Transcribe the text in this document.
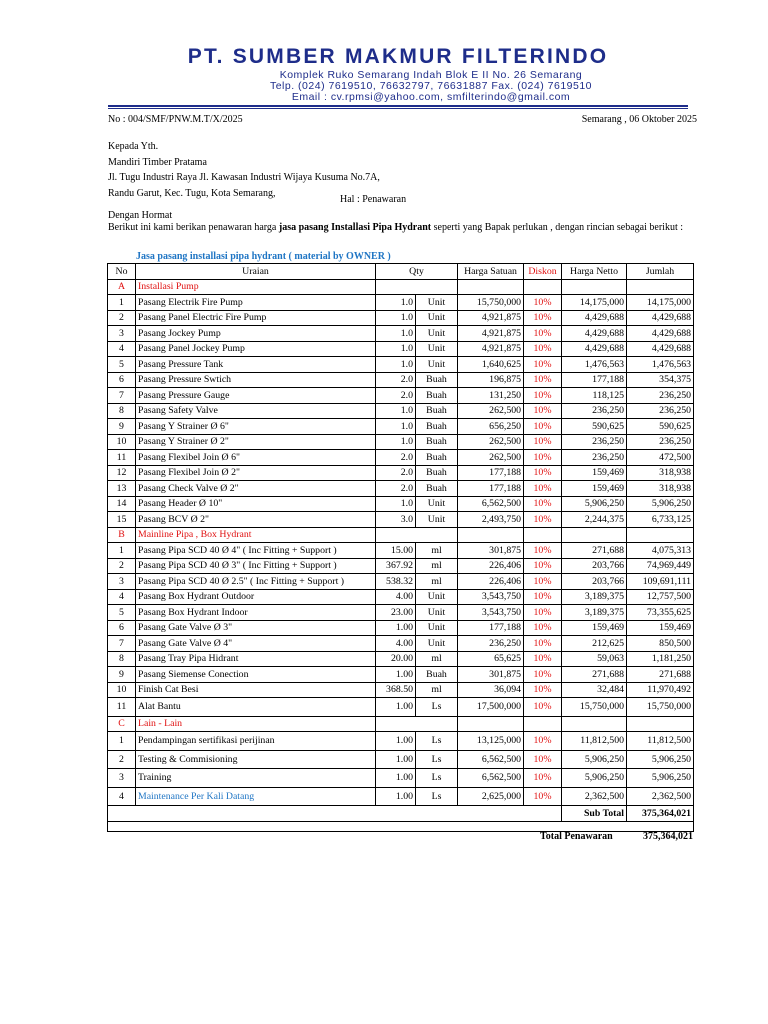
PT. SUMBER MAKMUR FILTERINDO
Komplek Ruko Semarang Indah Blok E II No. 26 Semarang
Telp. (024) 7619510, 76632797, 76631887 Fax. (024) 7619510
Email : cv.rpmsi@yahoo.com, smfilterindo@gmail.com
No : 004/SMF/PNW.M.T/X/2025	Semarang , 06 Oktober 2025
Kepada Yth.
Mandiri Timber Pratama
Jl. Tugu Industri Raya Jl. Kawasan Industri Wijaya Kusuma No.7A,
Randu Garut, Kec. Tugu, Kota Semarang,
Hal : Penawaran
Dengan Hormat
Berikut ini kami berikan penawaran harga jasa pasang Installasi Pipa Hydrant seperti yang Bapak perlukan , dengan rincian sebagai berikut :
Jasa pasang installasi pipa hydrant ( material by OWNER )
No	Uraian	Qty		Harga Satuan	Diskon	Harga Netto	Jumlah
A	Installasi Pump						
1	Pasang Electrik Fire Pump	1.0	Unit	15,750,000	10%	14,175,000	14,175,000
2	Pasang Panel Electric Fire Pump	1.0	Unit	4,921,875	10%	4,429,688	4,429,688
3	Pasang Jockey Pump	1.0	Unit	4,921,875	10%	4,429,688	4,429,688
4	Pasang Panel Jockey Pump	1.0	Unit	4,921,875	10%	4,429,688	4,429,688
5	Pasang Pressure Tank	1.0	Unit	1,640,625	10%	1,476,563	1,476,563
6	Pasang Pressure Swtich	2.0	Buah	196,875	10%	177,188	354,375
7	Pasang Pressure Gauge	2.0	Buah	131,250	10%	118,125	236,250
8	Pasang Safety Valve	1.0	Buah	262,500	10%	236,250	236,250
9	Pasang Y Strainer Ø 6"	1.0	Buah	656,250	10%	590,625	590,625
10	Pasang Y Strainer Ø 2"	1.0	Buah	262,500	10%	236,250	236,250
11	Pasang Flexibel Join Ø 6"	2.0	Buah	262,500	10%	236,250	472,500
12	Pasang Flexibel Join Ø 2"	2.0	Buah	177,188	10%	159,469	318,938
13	Pasang Check Valve Ø 2"	2.0	Buah	177,188	10%	159,469	318,938
14	Pasang Header Ø 10"	1.0	Unit	6,562,500	10%	5,906,250	5,906,250
15	Pasang BCV Ø 2"	3.0	Unit	2,493,750	10%	2,244,375	6,733,125
B	Mainline Pipa , Box Hydrant						
1	Pasang Pipa SCD 40 Ø 4" ( Inc Fitting + Support )	15.00	ml	301,875	10%	271,688	4,075,313
2	Pasang Pipa SCD 40 Ø 3" ( Inc Fitting + Support )	367.92	ml	226,406	10%	203,766	74,969,449
3	Pasang Pipa SCD 40 Ø 2.5" ( Inc Fitting + Support )	538.32	ml	226,406	10%	203,766	109,691,111
4	Pasang Box Hydrant Outdoor	4.00	Unit	3,543,750	10%	3,189,375	12,757,500
5	Pasang Box Hydrant Indoor	23.00	Unit	3,543,750	10%	3,189,375	73,355,625
6	Pasang Gate Valve Ø 3"	1.00	Unit	177,188	10%	159,469	159,469
7	Pasang Gate Valve Ø 4"	4.00	Unit	236,250	10%	212,625	850,500
8	Pasang Tray Pipa Hidrant	20.00	ml	65,625	10%	59,063	1,181,250
9	Pasang Siemense Conection	1.00	Buah	301,875	10%	271,688	271,688
10	Finish Cat Besi	368.50	ml	36,094	10%	32,484	11,970,492
11	Alat Bantu	1.00	Ls	17,500,000	10%	15,750,000	15,750,000
C	Lain - Lain						
1	Pendampingan sertifikasi perijinan	1.00	Ls	13,125,000	10%	11,812,500	11,812,500
2	Testing & Commisioning	1.00	Ls	6,562,500	10%	5,906,250	5,906,250
3	Training	1.00	Ls	6,562,500	10%	5,906,250	5,906,250
4	Maintenance Per Kali Datang	1.00	Ls	2,625,000	10%	2,362,500	2,362,500
						Sub Total	375,364,021

Total Penawaran	375,364,021
